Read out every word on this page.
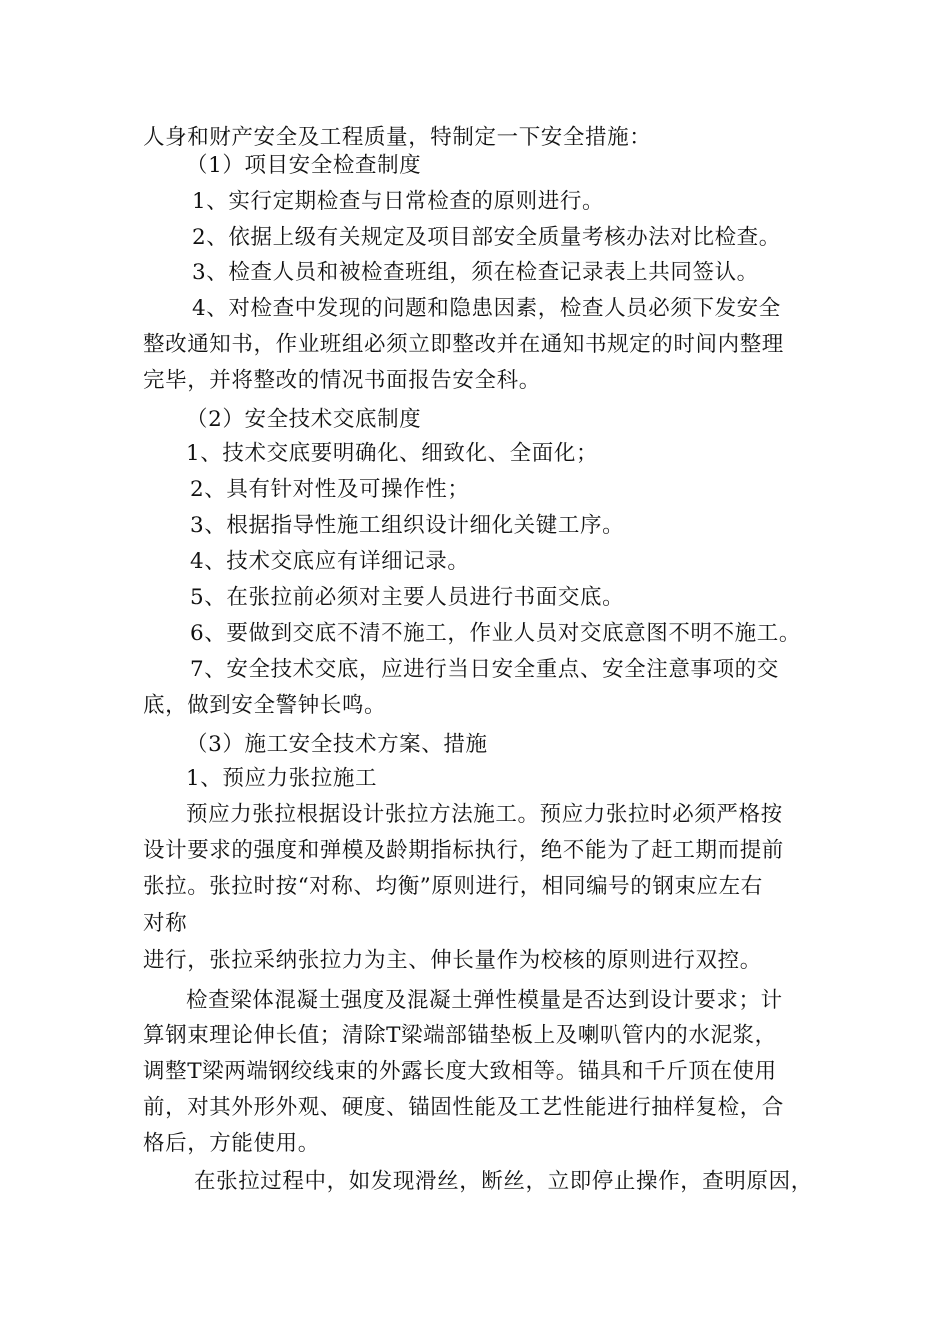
人身和财产安全及工程质量，特制定一下安全措施：
（1）项目安全检查制度
1、实行定期检查与日常检查的原则进行。
2、依据上级有关规定及项目部安全质量考核办法对比检查。
3、检查人员和被检查班组，须在检查记录表上共同签认。
4、对检查中发现的问题和隐患因素，检查人员必须下发安全
整改通知书，作业班组必须立即整改并在通知书规定的时间内整理
完毕，并将整改的情况书面报告安全科。
（2）安全技术交底制度
1、技术交底要明确化、细致化、全面化；
2、具有针对性及可操作性；
3、根据指导性施工组织设计细化关键工序。
4、技术交底应有详细记录。
5、在张拉前必须对主要人员进行书面交底。
6、要做到交底不清不施工，作业人员对交底意图不明不施工。
7、安全技术交底，应进行当日安全重点、安全注意事项的交
底，做到安全警钟长鸣。
（3）施工安全技术方案、措施
1、预应力张拉施工
预应力张拉根据设计张拉方法施工。预应力张拉时必须严格按
设计要求的强度和弹模及龄期指标执行，绝不能为了赶工期而提前
张拉。张拉时按“对称、均衡”原则进行，相同编号的钢束应左右
对称
进行，张拉采纳张拉力为主、伸长量作为校核的原则进行双控。
检查梁体混凝土强度及混凝土弹性模量是否达到设计要求；计
算钢束理论伸长值；清除T梁端部锚垫板上及喇叭管内的水泥浆，
调整T梁两端钢绞线束的外露长度大致相等。锚具和千斤顶在使用
前，对其外形外观、硬度、锚固性能及工艺性能进行抽样复检，合
格后，方能使用。
在张拉过程中，如发现滑丝，断丝，立即停止操作，查明原因，
